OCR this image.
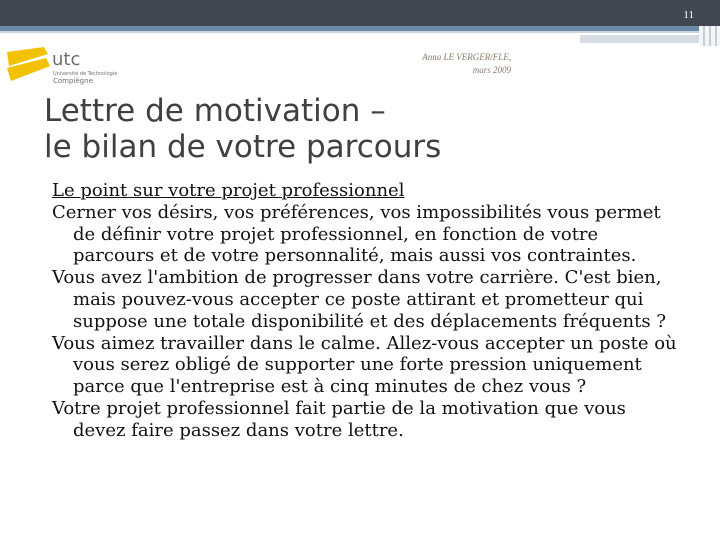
11
utc
Université de Technologie
Compiègne
Anna LE VERGER/FLE,
mars 2009
Lettre de motivation –
le bilan de votre parcours

Le point sur votre projet professionnel

Cerner vos désirs, vos préférences, vos impossibilités vous permet de définir votre projet professionnel, en fonction de votre parcours et de votre personnalité, mais aussi vos contraintes.

Vous avez l'ambition de progresser dans votre carrière. C'est bien, mais pouvez-vous accepter ce poste attirant et prometteur qui suppose une totale disponibilité et des déplacements fréquents ?

Vous aimez travailler dans le calme. Allez-vous accepter un poste où vous serez obligé de supporter une forte pression uniquement parce que l'entreprise est à cinq minutes de chez vous ?

Votre projet professionnel fait partie de la motivation que vous devez faire passez dans votre lettre.
